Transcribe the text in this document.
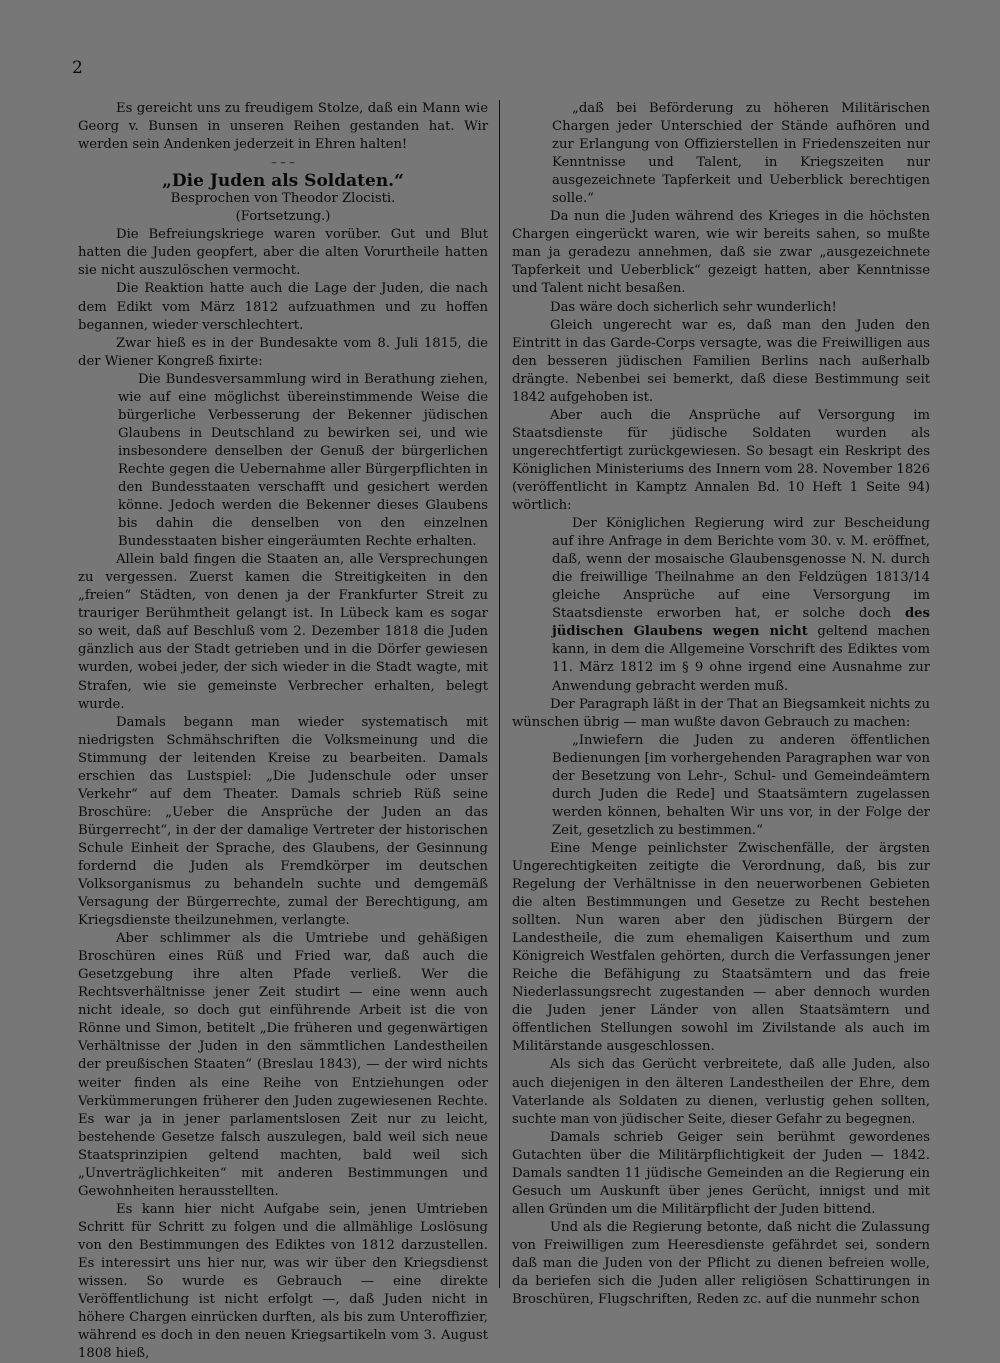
2

Es gereicht uns zu freudigem Stolze, daß ein Mann wie Georg v. Bunsen in unseren Reihen gestanden hat. Wir werden sein Andenken jederzeit in Ehren halten!

– – –

„Die Juden als Soldaten.“

Besprochen von Theodor Zlocisti.

(Fortsetzung.)

Die Befreiungskriege waren vorüber. Gut und Blut hatten die Juden geopfert, aber die alten Vorurtheile hatten sie nicht auszulöschen vermocht.

Die Reaktion hatte auch die Lage der Juden, die nach dem Edikt vom März 1812 aufzuathmen und zu hoffen begannen, wieder verschlechtert.

Zwar hieß es in der Bundesakte vom 8. Juli 1815, die der Wiener Kongreß fixirte:

Die Bundesversammlung wird in Berathung ziehen, wie auf eine möglichst übereinstimmende Weise die bürgerliche Verbesserung der Bekenner jüdischen Glaubens in Deutschland zu bewirken sei, und wie insbesondere denselben der Genuß der bürgerlichen Rechte gegen die Uebernahme aller Bürgerpflichten in den Bundesstaaten verschafft und gesichert werden könne. Jedoch werden die Bekenner dieses Glaubens bis dahin die denselben von den einzelnen Bundesstaaten bisher eingeräumten Rechte erhalten.

Allein bald fingen die Staaten an, alle Versprechungen zu vergessen. Zuerst kamen die Streitigkeiten in den „freien“ Städten, von denen ja der Frankfurter Streit zu trauriger Berühmtheit gelangt ist. In Lübeck kam es sogar so weit, daß auf Beschluß vom 2. Dezember 1818 die Juden gänzlich aus der Stadt getrieben und in die Dörfer gewiesen wurden, wobei jeder, der sich wieder in die Stadt wagte, mit Strafen, wie sie gemeinste Verbrecher erhalten, belegt wurde.

Damals begann man wieder systematisch mit niedrigsten Schmähschriften die Volksmeinung und die Stimmung der leitenden Kreise zu bearbeiten. Damals erschien das Lustspiel: „Die Judenschule oder unser Verkehr“ auf dem Theater. Damals schrieb Rüß seine Broschüre: „Ueber die Ansprüche der Juden an das Bürgerrecht“, in der der damalige Vertreter der historischen Schule Einheit der Sprache, des Glaubens, der Gesinnung fordernd die Juden als Fremdkörper im deutschen Volksorganismus zu behandeln suchte und demgemäß Versagung der Bürgerrechte, zumal der Berechtigung, am Kriegsdienste theilzunehmen, verlangte.

Aber schlimmer als die Umtriebe und gehäßigen Broschüren eines Rüß und Fried war, daß auch die Gesetzgebung ihre alten Pfade verließ. Wer die Rechtsverhältnisse jener Zeit studirt — eine wenn auch nicht ideale, so doch gut einführende Arbeit ist die von Rönne und Simon, betitelt „Die früheren und gegenwärtigen Verhältnisse der Juden in den sämmtlichen Landestheilen der preußischen Staaten“ (Breslau 1843), — der wird nichts weiter finden als eine Reihe von Entziehungen oder Verkümmerungen früherer den Juden zugewiesenen Rechte. Es war ja in jener parlamentslosen Zeit nur zu leicht, bestehende Gesetze falsch auszulegen, bald weil sich neue Staatsprinzipien geltend machten, bald weil sich „Unverträglichkeiten“ mit anderen Bestimmungen und Gewohnheiten herausstellten.

Es kann hier nicht Aufgabe sein, jenen Umtrieben Schritt für Schritt zu folgen und die allmählige Loslösung von den Bestimmungen des Ediktes von 1812 darzustellen. Es interessirt uns hier nur, was wir über den Kriegsdienst wissen. So wurde es Gebrauch — eine direkte Veröffentlichung ist nicht erfolgt —, daß Juden nicht in höhere Chargen einrücken durften, als bis zum Unteroffizier, während es doch in den neuen Kriegsartikeln vom 3. August 1808 hieß,

„daß bei Beförderung zu höheren Militärischen Chargen jeder Unterschied der Stände aufhören und zur Erlangung von Offizierstellen in Friedenszeiten nur Kenntnisse und Talent, in Kriegszeiten nur ausgezeichnete Tapferkeit und Ueberblick berechtigen solle.“

Da nun die Juden während des Krieges in die höchsten Chargen eingerückt waren, wie wir bereits sahen, so mußte man ja geradezu annehmen, daß sie zwar „ausgezeichnete Tapferkeit und Ueberblick“ gezeigt hatten, aber Kenntnisse und Talent nicht besaßen.

Das wäre doch sicherlich sehr wunderlich!

Gleich ungerecht war es, daß man den Juden den Eintritt in das Garde-Corps versagte, was die Freiwilligen aus den besseren jüdischen Familien Berlins nach außerhalb drängte. Nebenbei sei bemerkt, daß diese Bestimmung seit 1842 aufgehoben ist.

Aber auch die Ansprüche auf Versorgung im Staatsdienste für jüdische Soldaten wurden als ungerechtfertigt zurückgewiesen. So besagt ein Reskript des Königlichen Ministeriums des Innern vom 28. November 1826 (veröffentlicht in Kamptz Annalen Bd. 10 Heft 1 Seite 94) wörtlich:

Der Königlichen Regierung wird zur Bescheidung auf ihre Anfrage in dem Berichte vom 30. v. M. eröffnet, daß, wenn der mosaische Glaubensgenosse N. N. durch die freiwillige Theilnahme an den Feldzügen 1813/14 gleiche Ansprüche auf eine Versorgung im Staatsdienste erworben hat, er solche doch des jüdischen Glaubens wegen nicht geltend machen kann, in dem die Allgemeine Vorschrift des Ediktes vom 11. März 1812 im § 9 ohne irgend eine Ausnahme zur Anwendung gebracht werden muß.

Der Paragraph läßt in der That an Biegsamkeit nichts zu wünschen übrig — man wußte davon Gebrauch zu machen:

„Inwiefern die Juden zu anderen öffentlichen Bedienungen [im vorhergehenden Paragraphen war von der Besetzung von Lehr-, Schul- und Gemeindeämtern durch Juden die Rede] und Staatsämtern zugelassen werden können, behalten Wir uns vor, in der Folge der Zeit, gesetzlich zu bestimmen.“

Eine Menge peinlichster Zwischenfälle, der ärgsten Ungerechtigkeiten zeitigte die Verordnung, daß, bis zur Regelung der Verhältnisse in den neuerworbenen Gebieten die alten Bestimmungen und Gesetze zu Recht bestehen sollten. Nun waren aber den jüdischen Bürgern der Landestheile, die zum ehemaligen Kaiserthum und zum Königreich Westfalen gehörten, durch die Verfassungen jener Reiche die Befähigung zu Staatsämtern und das freie Niederlassungsrecht zugestanden — aber dennoch wurden die Juden jener Länder von allen Staatsämtern und öffentlichen Stellungen sowohl im Zivilstande als auch im Militärstande ausgeschlossen.

Als sich das Gerücht verbreitete, daß alle Juden, also auch diejenigen in den älteren Landestheilen der Ehre, dem Vaterlande als Soldaten zu dienen, verlustig gehen sollten, suchte man von jüdischer Seite, dieser Gefahr zu begegnen.

Damals schrieb Geiger sein berühmt gewordenes Gutachten über die Militärpflichtigkeit der Juden — 1842. Damals sandten 11 jüdische Gemeinden an die Regierung ein Gesuch um Auskunft über jenes Gerücht, innigst und mit allen Gründen um die Militärpflicht der Juden bittend.

Und als die Regierung betonte, daß nicht die Zulassung von Freiwilligen zum Heeresdienste gefährdet sei, sondern daß man die Juden von der Pflicht zu dienen befreien wolle, da beriefen sich die Juden aller religiösen Schattirungen in Broschüren, Flugschriften, Reden zc. auf die nunmehr schon
